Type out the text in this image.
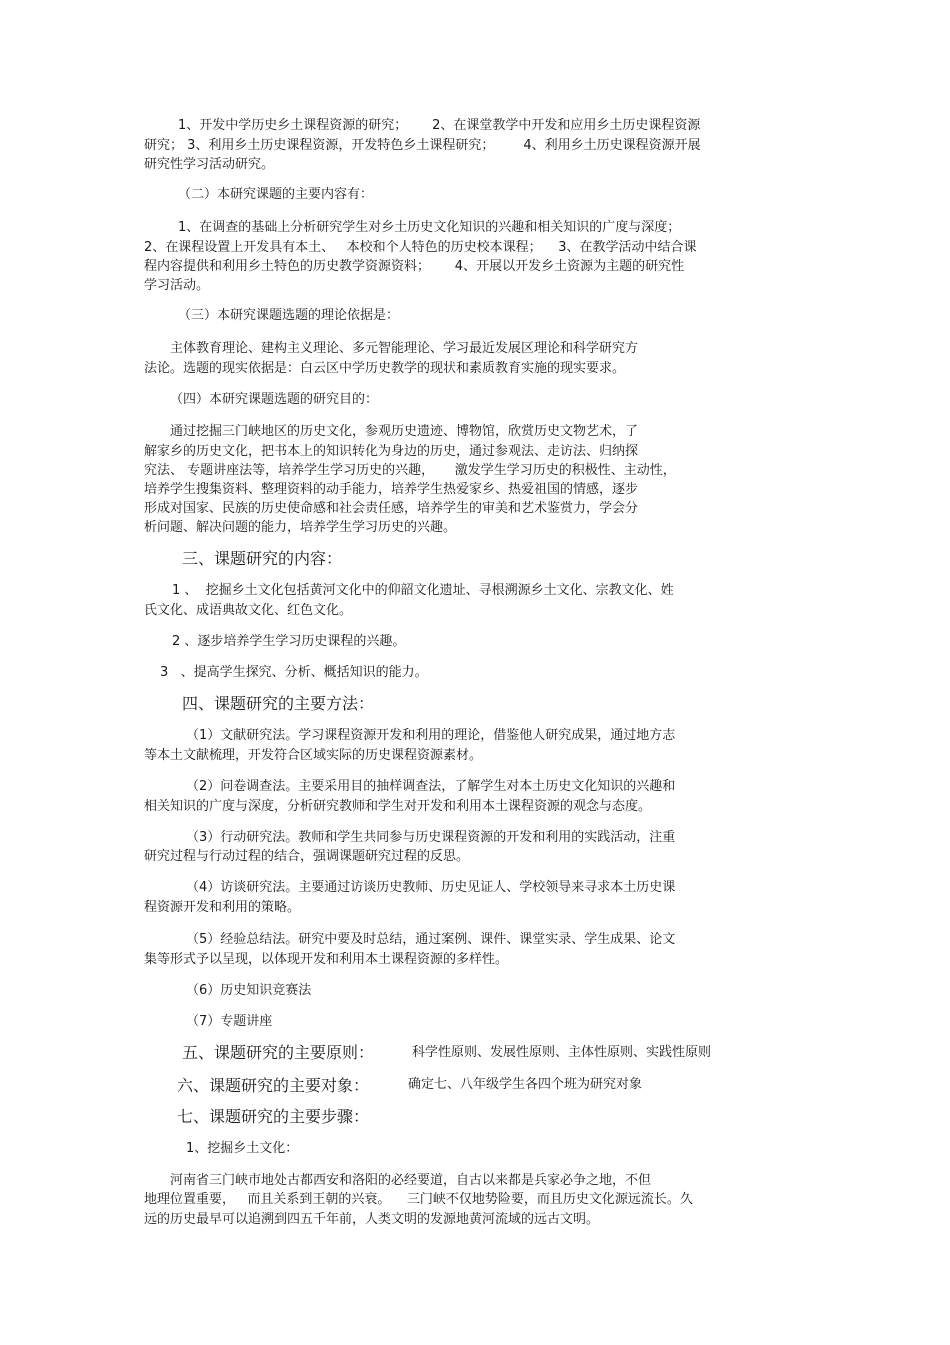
1、开发中学历史乡土课程资源的研究；      2、在课堂教学中开发和应用乡土历史课程资源
研究； 3、利用乡土历史课程资源，开发特色乡土课程研究；       4、利用乡土历史课程资源开展
研究性学习活动研究。
（二）本研究课题的主要内容有：
1、在调查的基础上分析研究学生对乡土历史文化知识的兴趣和相关知识的广度与深度；
2、在课程设置上开发具有本土、   本校和个人特色的历史校本课程；    3、在教学活动中结合课
程内容提供和利用乡土特色的历史教学资源资料；      4、开展以开发乡土资源为主题的研究性
学习活动。
（三）本研究课题选题的理论依据是：
主体教育理论、建构主义理论、多元智能理论、学习最近发展区理论和科学研究方
法论。选题的现实依据是：白云区中学历史教学的现状和素质教育实施的现实要求。
（四）本研究课题选题的研究目的：
通过挖掘三门峡地区的历史文化，参观历史遗迹、博物馆，欣赏历史文物艺术，了
解家乡的历史文化，把书本上的知识转化为身边的历史，通过参观法、走访法、归纳探
究法、 专题讲座法等，培养学生学习历史的兴趣，     激发学生学习历史的积极性、主动性，
培养学生搜集资料、整理资料的动手能力，培养学生热爱家乡、热爱祖国的情感，逐步
形成对国家、民族的历史使命感和社会责任感，培养学生的审美和艺术鉴赏力，学会分
析问题、解决问题的能力，培养学生学习历史的兴趣。
三、课题研究的内容：
1 、  挖掘乡土文化包括黄河文化中的仰韶文化遗址、寻根溯源乡土文化、宗教文化、姓
氏文化、成语典故文化、红色文化。
2 、逐步培养学生学习历史课程的兴趣。
3   、提高学生探究、分析、概括知识的能力。
四、课题研究的主要方法：
（1）文献研究法。学习课程资源开发和利用的理论，借鉴他人研究成果，通过地方志
等本土文献梳理，开发符合区域实际的历史课程资源素材。
（2）问卷调查法。主要采用目的抽样调查法，了解学生对本土历史文化知识的兴趣和
相关知识的广度与深度，分析研究教师和学生对开发和利用本土课程资源的观念与态度。
（3）行动研究法。教师和学生共同参与历史课程资源的开发和利用的实践活动，注重
研究过程与行动过程的结合，强调课题研究过程的反思。
（4）访谈研究法。主要通过访谈历史教师、历史见证人、学校领导来寻求本土历史课
程资源开发和利用的策略。
（5）经验总结法。研究中要及时总结，通过案例、课件、课堂实录、学生成果、论文
集等形式予以呈现，以体现开发和利用本土课程资源的多样性。
（6）历史知识竞赛法
（7）专题讲座
五、课题研究的主要原则：	科学性原则、发展性原则、主体性原则、实践性原则
六、课题研究的主要对象：	确定七、八年级学生各四个班为研究对象
七、课题研究的主要步骤：
1、挖掘乡土文化：
河南省三门峡市地处古都西安和洛阳的必经要道，自古以来都是兵家必争之地，不但
地理位置重要，   而且关系到王朝的兴衰。    三门峡不仅地势险要，而且历史文化源远流长。久
远的历史最早可以追溯到四五千年前，人类文明的发源地黄河流域的远古文明。
